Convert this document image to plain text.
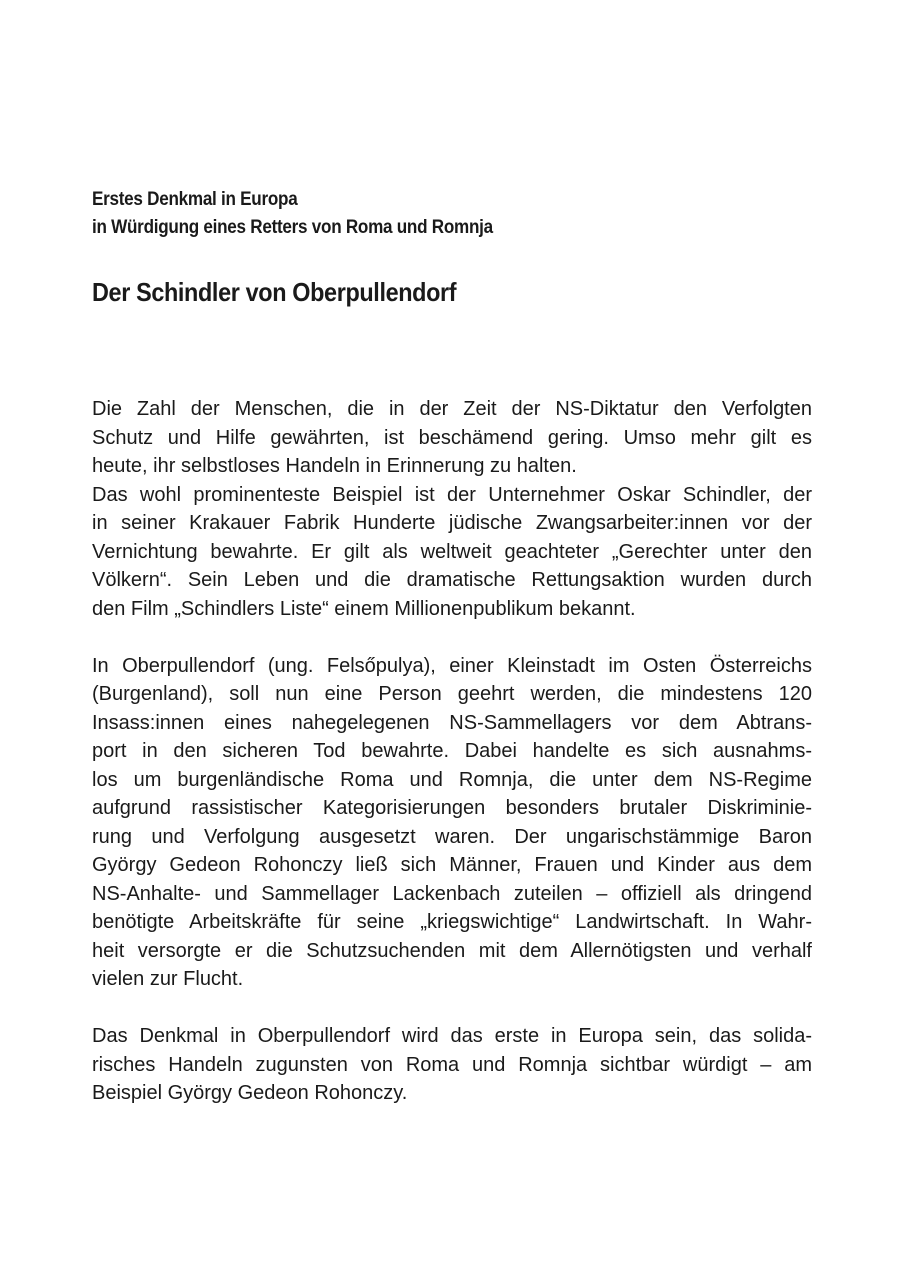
Erstes Denkmal in Europa
in Würdigung eines Retters von Roma und Romnja
Der Schindler von Oberpullendorf

Die Zahl der Menschen, die in der Zeit der NS-Diktatur den Verfolgten
Schutz und Hilfe gewährten, ist beschämend gering. Umso mehr gilt es
heute, ihr selbstloses Handeln in Erinnerung zu halten.

Das wohl prominenteste Beispiel ist der Unternehmer Oskar Schindler, der
in seiner Krakauer Fabrik Hunderte jüdische Zwangsarbeiter:innen vor der
Vernichtung bewahrte. Er gilt als weltweit geachteter „Gerechter unter den
Völkern“. Sein Leben und die dramatische Rettungsaktion wurden durch
den Film „Schindlers Liste“ einem Millionenpublikum bekannt.

In Oberpullendorf (ung. Felsőpulya), einer Kleinstadt im Osten Österreichs
(Burgenland), soll nun eine Person geehrt werden, die mindestens 120
Insass:innen eines nahegelegenen NS-Sammellagers vor dem Abtrans-
port in den sicheren Tod bewahrte. Dabei handelte es sich ausnahms-
los um burgenländische Roma und Romnja, die unter dem NS-Regime
aufgrund rassistischer Kategorisierungen besonders brutaler Diskriminie-
rung und Verfolgung ausgesetzt waren. Der ungarischstämmige Baron
György Gedeon Rohonczy ließ sich Männer, Frauen und Kinder aus dem
NS-Anhalte- und Sammellager Lackenbach zuteilen – offiziell als dringend
benötigte Arbeitskräfte für seine „kriegswichtige“ Landwirtschaft. In Wahr-
heit versorgte er die Schutzsuchenden mit dem Allernötigsten und verhalf
vielen zur Flucht.

Das Denkmal in Oberpullendorf wird das erste in Europa sein, das solida-
risches Handeln zugunsten von Roma und Romnja sichtbar würdigt – am
Beispiel György Gedeon Rohonczy.
